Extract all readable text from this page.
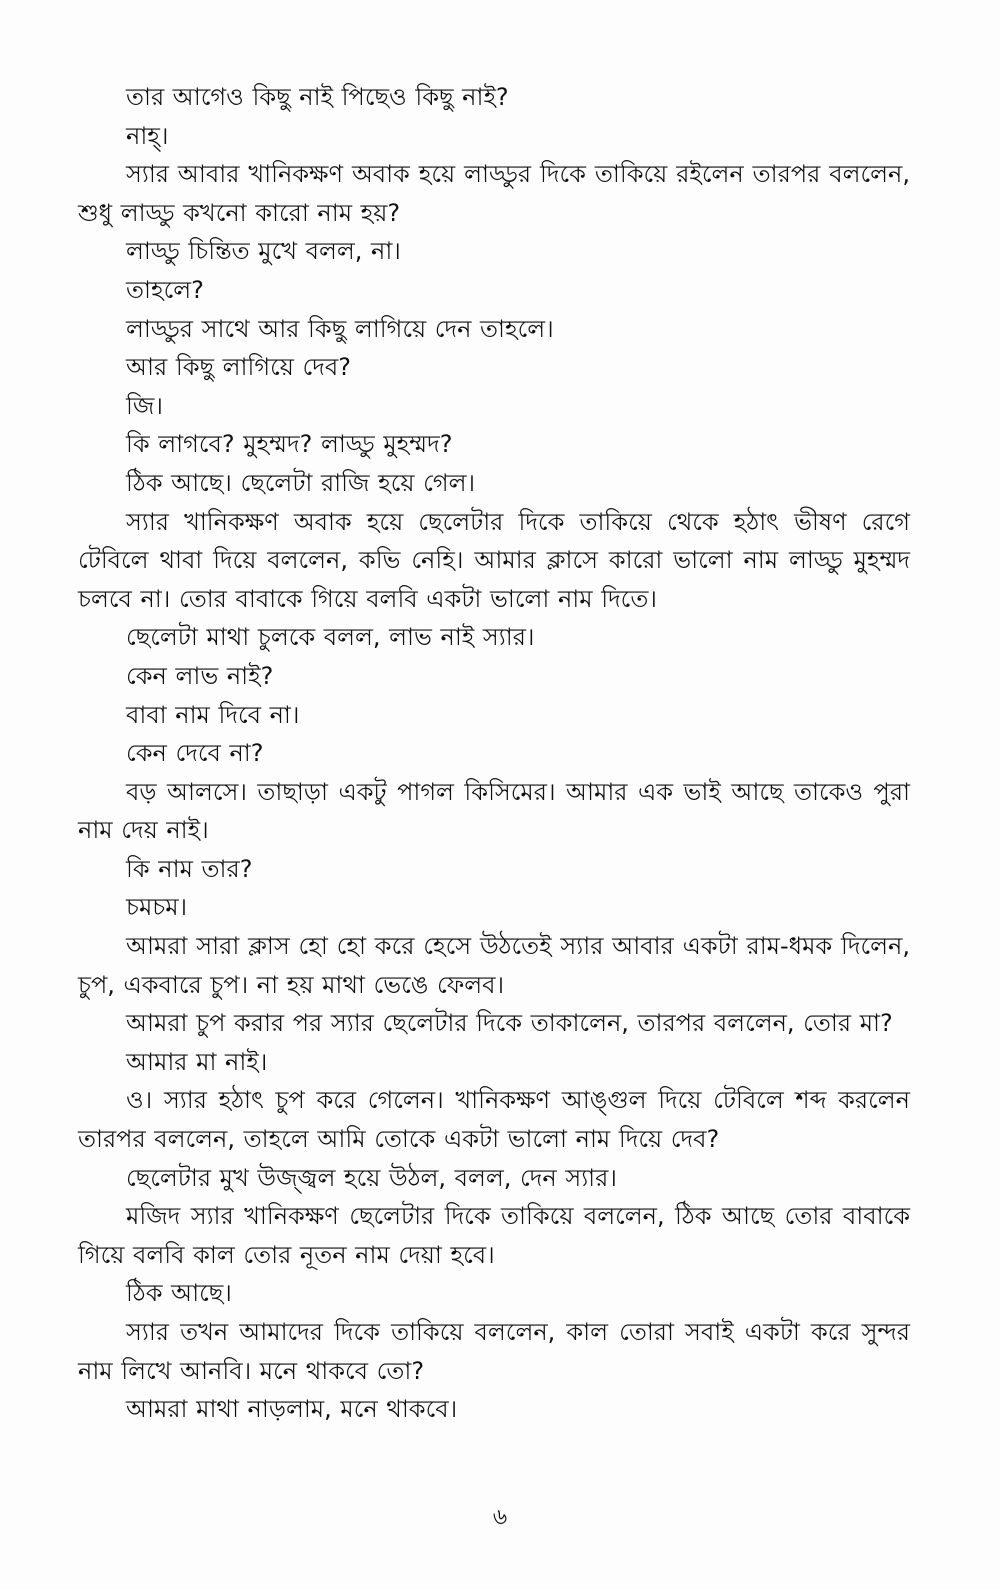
তার আগেও কিছু নাই পিছেও কিছু নাই?

নাহ্।

স্যার আবার খানিকক্ষণ অবাক হয়ে লাড্ডুর দিকে তাকিয়ে রইলেন তারপর বললেন, শুধু লাড্ডু কখনো কারো নাম হয়?

লাড্ডু চিন্তিত মুখে বলল, না।

তাহলে?

লাড্ডুর সাথে আর কিছু লাগিয়ে দেন তাহলে।

আর কিছু লাগিয়ে দেব?

জি।

কি লাগবে? মুহম্মদ? লাড্ডু মুহম্মদ?

ঠিক আছে। ছেলেটা রাজি হয়ে গেল।

স্যার খানিকক্ষণ অবাক হয়ে ছেলেটার দিকে তাকিয়ে থেকে হঠাৎ ভীষণ রেগে টেবিলে থাবা দিয়ে বললেন, কভি নেহি। আমার ক্লাসে কারো ভালো নাম লাড্ডু মুহম্মদ চলবে না। তোর বাবাকে গিয়ে বলবি একটা ভালো নাম দিতে।

ছেলেটা মাথা চুলকে বলল, লাভ নাই স্যার।

কেন লাভ নাই?

বাবা নাম দিবে না।

কেন দেবে না?

বড় আলসে। তাছাড়া একটু পাগল কিসিমের। আমার এক ভাই আছে তাকেও পুরা নাম দেয় নাই।

কি নাম তার?

চমচম।

আমরা সারা ক্লাস হো হো করে হেসে উঠতেই স্যার আবার একটা রাম-ধমক দিলেন, চুপ, একবারে চুপ। না হয় মাথা ভেঙে ফেলব।

আমরা চুপ করার পর স্যার ছেলেটার দিকে তাকালেন, তারপর বললেন, তোর মা?

আমার মা নাই।

ও। স্যার হঠাৎ চুপ করে গেলেন। খানিকক্ষণ আঙ্গুল দিয়ে টেবিলে শব্দ করলেন তারপর বললেন, তাহলে আমি তোকে একটা ভালো নাম দিয়ে দেব?

ছেলেটার মুখ উজ্জ্বল হয়ে উঠল, বলল, দেন স্যার।

মজিদ স্যার খানিকক্ষণ ছেলেটার দিকে তাকিয়ে বললেন, ঠিক আছে তোর বাবাকে গিয়ে বলবি কাল তোর নূতন নাম দেয়া হবে।

ঠিক আছে।

স্যার তখন আমাদের দিকে তাকিয়ে বললেন, কাল তোরা সবাই একটা করে সুন্দর নাম লিখে আনবি। মনে থাকবে তো?

আমরা মাথা নাড়লাম, মনে থাকবে।

৬
